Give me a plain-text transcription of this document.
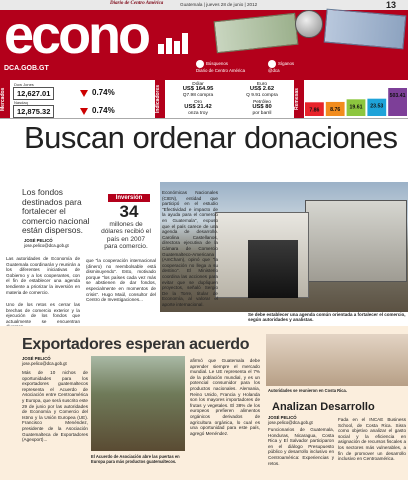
Diario de Centro América	Guatemala | jueves 28 de junio | 2012	13
econo
DCA.GOB.GT
Búsquenos
Diario de Centro América
Síganos
@dca
Mercados	Indicadores	Remesas
Dow Jones
12,627.01	0.74%
Nasdaq
12,875.32	0.74%
Dólar
US$ 164.95
Q7.98 compra
Euro
US$ 2.62
Q 9.91 compra
Oro
US$ 21.42
onza troy
Petróleo
US$ 80
por barril
7.86 8.76 19.61 23.53
503.41
Buscan ordenar donaciones
Los fondos destinados para fortalecer el comercio nacional están dispersos.
JOSÉ PELICÓ
jose.pelico@dca.gob.gt
Las autoridades de Economía de Guatemala coordinarán y reunirán a los diferentes iniciativas de Gobierno y a los cooperantes, con el fin de establecer una agenda tendiente a priorizar la inversión en materia de comercio.
Uno de los retos es cerrar las brechas de comercio exterior y la ejecución de los fondos que actualmente se encuentran
Inversión
34
millones de dólares recibió el país en 2007 para comercio.
que "la cooperación internacional (dinero) no reembolsable está disminuyendo". Esto, motivado porque "los países cada vez más se abstienen de dar fondos, especialmente en momentos de crisis". Hugo Maúl, consultor del Centro de Investigaciones...
Económicas Nacionales (CIEN), entidad que participó en el estudio "Efectividad e impacto de la ayuda para el comercio en Guatemala", expuso que el país carece de una agenda de desarrollo. Carolina Castellanos, directora ejecutiva de la Cámara de Comercio Guatemalteco-Americana (AmCham), opinó que "la cooperación no llega a su destino". El Ministerio coordina las acciones para evitar que se dupliquen proyectos, señaló Sergio De la Torre, titular de Economía, al valorar el aporte internacional.
Se debe establecer una agenda común orientada a fortalecer el comercio, según autoridades y analistas.
Exportadores esperan acuerdo
JOSÉ PELICÓ
jose.pelico@dca.gob.gt
Más de 10 nichos de oportunidades para los exportadores guatemaltecos representa el Acuerdo de Asociación entre Centroamérica y Europa, que será suscrito este 29 de junio por las autoridades de Economía y Comercio del Istmo y la Unión Europea (UE). Francisco Menéndez, presidente de la Asociación Guatemalteca de Exportadores (Agexport)...
El Acuerdo de Asociación abre las puertas en Europa para más productos guatemaltecos.
afirmó que Guatemala debe aprender siempre el mercado mundial. Le UE representa el 7% de la población mundial, y es un potencial consumidor para los productos nacionales. Alemania, Reino Unido, Francia y Holanda son los mayores importadores de frutas y vegetales. El 38% de los europeos prefieren alimentos orgánicos derivados de agricultura orgánica, lo cual es una oportunidad para este país, agregó Menéndez.
Autoridades se reunieron en Costa Rica.
Analizan Desarrollo
JOSÉ PELICÓ
jose.pelico@dca.gob.gt
Funcionarios de Guatemala, Honduras, Nicaragua, Costa Rica y El Salvador participaron en el diálogo Presupuesto público y desarrollo inclusivo en Centroamérica: Experiencias y retos.
Fada en el INCAE Business School, de Costa Rica. Sisra como objetivo analizar el gasto social y la eficiencia en asignación de recursos fiscales a los sectores más vulnerables, a fin de promover un desarrollo inclusivo en Centroamérica.
